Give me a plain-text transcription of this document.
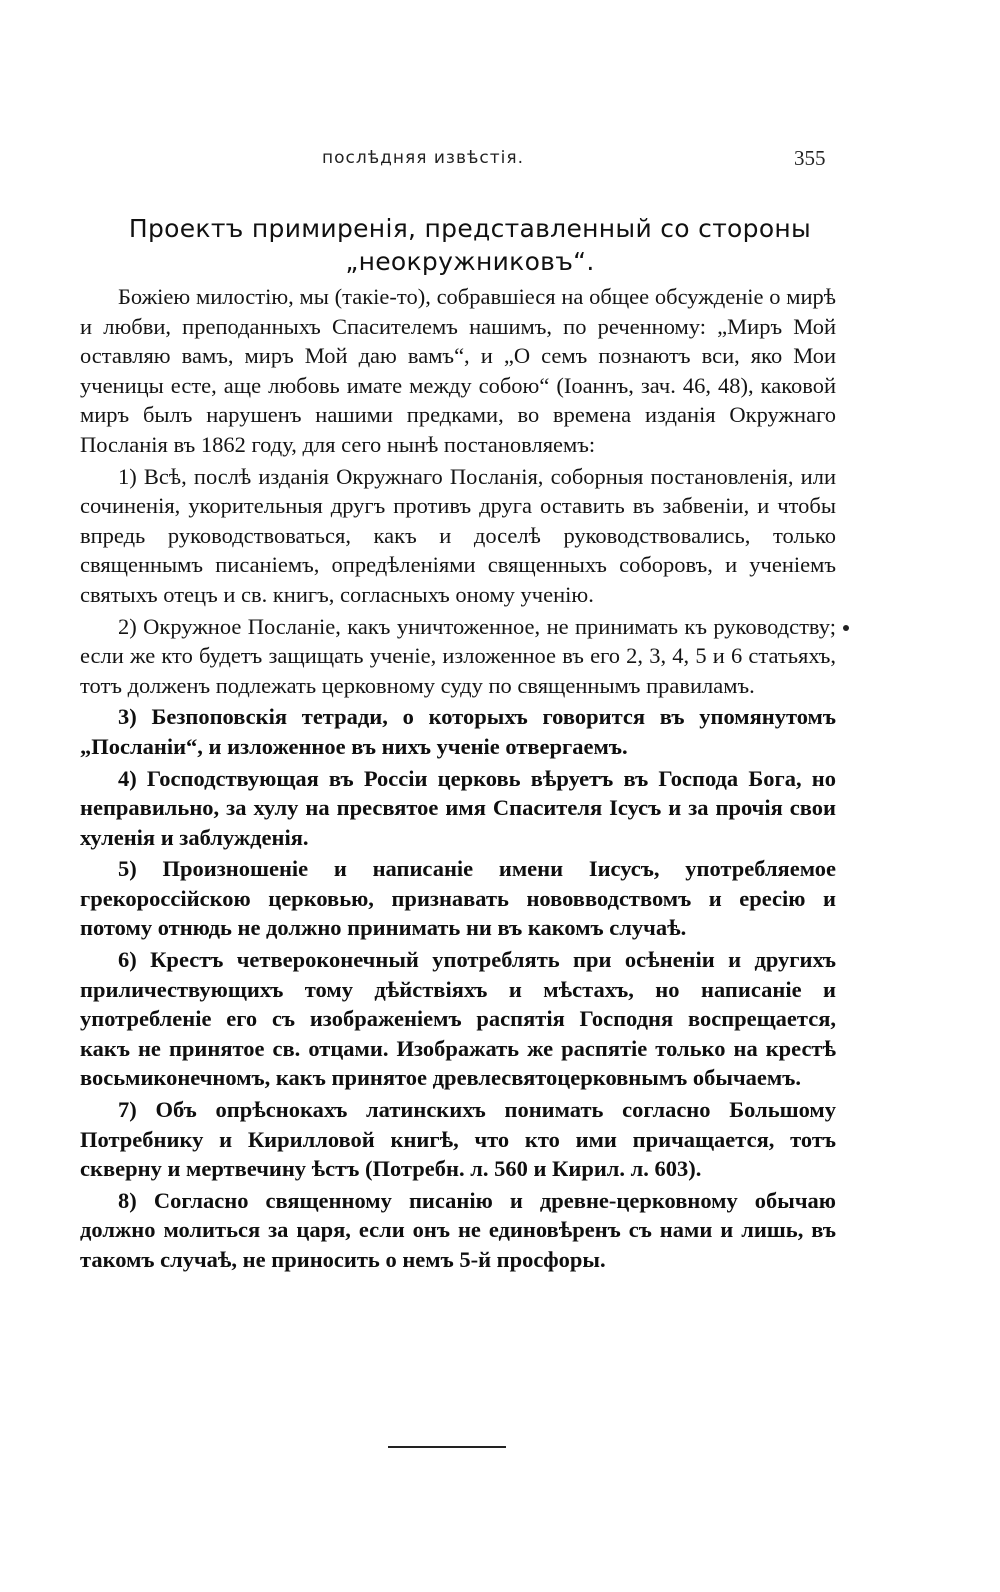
послѣдняя извѣстія.	355
Проектъ примиренія, представленный со стороны „неокружниковъ“.

Божіею милостію, мы (такіе-то), собравшіеся на общее обсужденіе о мирѣ и любви, преподанныхъ Спасителемъ нашимъ, по реченному: „Миръ Мой оставляю вамъ, миръ Мой даю вамъ“, и „О семъ познаютъ вси, яко Мои ученицы есте, аще любовь имате между собою“ (Іоаннъ, зач. 46, 48), каковой миръ былъ нарушенъ нашими предками, во времена изданія Окружнаго Посланія въ 1862 году, для сего нынѣ постановляемъ:

1) Всѣ, послѣ изданія Окружнаго Посланія, соборныя постановленія, или сочиненія, укорительныя другъ противъ друга оставить въ забвеніи, и чтобы впредь руководствоваться, какъ и доселѣ руководствовались, только священнымъ писаніемъ, опредѣленіями священныхъ соборовъ, и ученіемъ святыхъ отецъ и св. книгъ, согласныхъ оному ученію.

2) Окружное Посланіе, какъ уничтоженное, не принимать къ руководству; если же кто будетъ защищать ученіе, изложенное въ его 2, 3, 4, 5 и 6 статьяхъ, тотъ долженъ подлежать церковному суду по священнымъ правиламъ.

3) Безпоповскія тетради, о которыхъ говорится въ упомянутомъ „Посланіи“, и изложенное въ нихъ ученіе отвергаемъ.

4) Господствующая въ Россіи церковь вѣруетъ въ Господа Бога, но неправильно, за хулу на пресвятое имя Спасителя Ісусъ и за прочія свои хуленія и заблужденія.

5) Произношеніе и написаніе имени Іисусъ, употребляемое грекороссійскою церковью, признавать нововводствомъ и ересію и потому отнюдь не должно принимать ни въ какомъ случаѣ.

6) Крестъ четвероконечный употреблять при осѣненіи и другихъ приличествующихъ тому дѣйствіяхъ и мѣстахъ, но написаніе и употребленіе его съ изображеніемъ распятія Господня воспрещается, какъ не принятое св. отцами. Изображать же распятіе только на крестѣ восьмиконечномъ, какъ принятое древлесвятоцерковнымъ обычаемъ.

7) Объ опрѣснокахъ латинскихъ понимать согласно Большому Потребнику и Кирилловой книгѣ, что кто ими причащается, тотъ скверну и мертвечину ѣстъ (Потребн. л. 560 и Кирил. л. 603).

8) Согласно священному писанію и древне-церковному обычаю должно молиться за царя, если онъ не единовѣренъ съ нами и лишь, въ такомъ случаѣ, не приносить о немъ 5-й просфоры.
